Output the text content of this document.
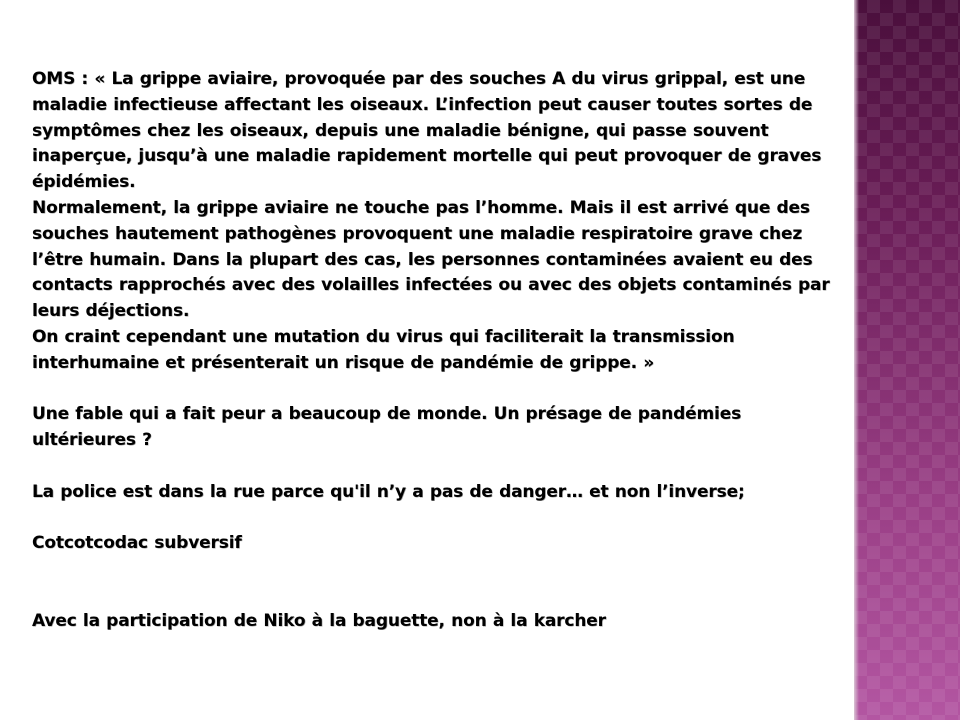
OMS : « La grippe aviaire, provoquée par des souches A du virus grippal, est une maladie infectieuse affectant les oiseaux. L’infection peut causer toutes sortes de symptômes chez les oiseaux, depuis une maladie bénigne, qui passe souvent inaperçue, jusqu’à une maladie rapidement mortelle qui peut provoquer de graves épidémies.

Normalement, la grippe aviaire ne touche pas l’homme. Mais il est arrivé que des souches hautement pathogènes provoquent une maladie respiratoire grave chez l’être humain. Dans la plupart des cas, les personnes contaminées avaient eu des contacts rapprochés avec des volailles infectées ou avec des objets contaminés par leurs déjections.

On craint cependant une mutation du virus qui faciliterait la transmission interhumaine et présenterait un risque de pandémie de grippe. »

Une fable qui a fait peur a beaucoup de monde. Un présage de pandémies ultérieures ?

La police est dans la rue parce qu'il n’y a pas de danger… et non l’inverse;

Cotcotcodac subversif

Avec la participation de Niko à la baguette, non à la karcher
